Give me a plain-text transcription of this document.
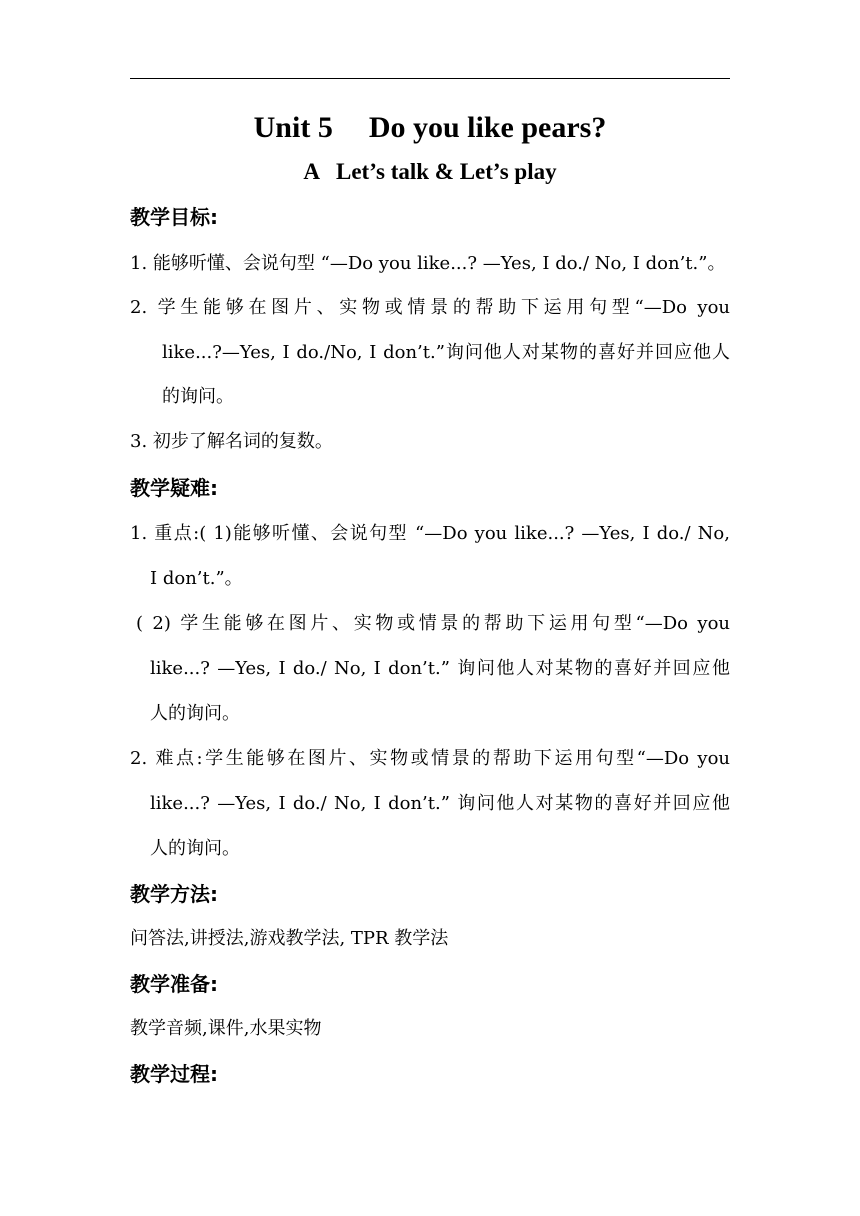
Unit 5 Do you like pears?
A Let’s talk & Let’s play
教学目标:
1. 能够听懂、会说句型 “—Do you like...? —Yes, I do./ No, I don’t.”。
2. 学生能够在图片、实物或情景的帮助下运用句型“—Do you
like...?—Yes, I do./No, I don’t.”询问他人对某物的喜好并回应他人
的询问。
3. 初步了解名词的复数。
教学疑难:
1. 重点:( 1)能够听懂、会说句型 “—Do you like...? —Yes, I do./ No,
I don’t.”。
( 2) 学生能够在图片、实物或情景的帮助下运用句型“—Do you
like...? —Yes, I do./ No, I don’t.” 询问他人对某物的喜好并回应他
人的询问。
2. 难点:学生能够在图片、实物或情景的帮助下运用句型“—Do you
like...? —Yes, I do./ No, I don’t.” 询问他人对某物的喜好并回应他
人的询问。
教学方法:
问答法,讲授法,游戏教学法, TPR 教学法
教学准备:
教学音频,课件,水果实物
教学过程:
